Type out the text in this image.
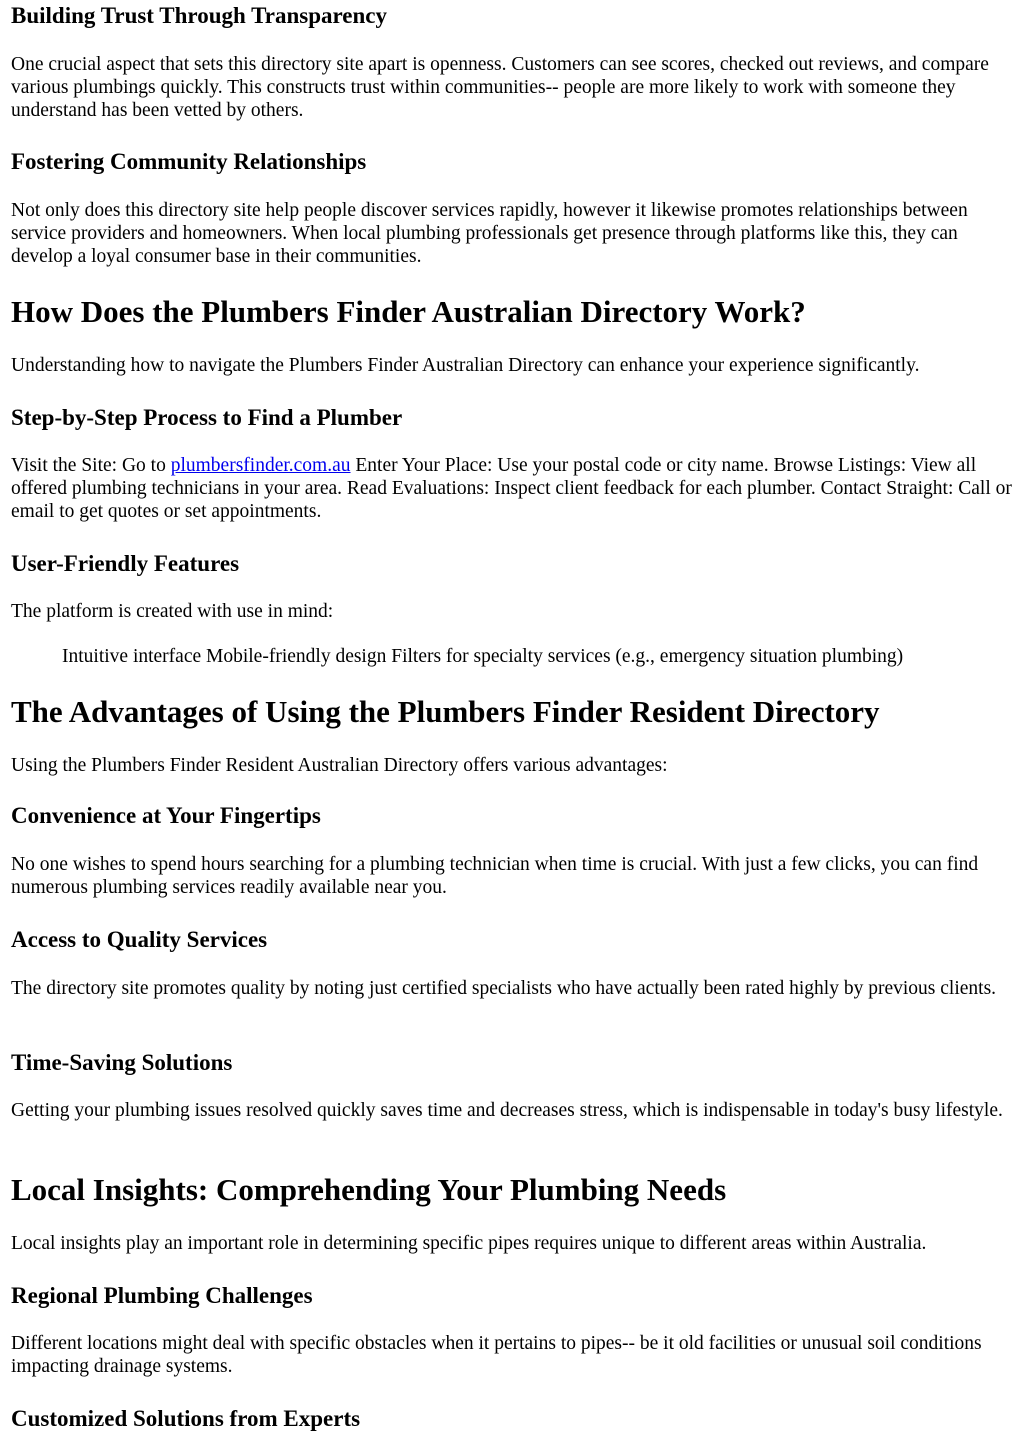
Building Trust Through Transparency

One crucial aspect that sets this directory site apart is openness. Customers can see scores, checked out reviews, and compare various plumbings quickly. This constructs trust within communities-- people are more likely to work with someone they understand has been vetted by others.

Fostering Community Relationships

Not only does this directory site help people discover services rapidly, however it likewise promotes relationships between service providers and homeowners. When local plumbing professionals get presence through platforms like this, they can develop a loyal consumer base in their communities.

How Does the Plumbers Finder Australian Directory Work?

Understanding how to navigate the Plumbers Finder Australian Directory can enhance your experience significantly.

Step-by-Step Process to Find a Plumber

Visit the Site: Go to plumbersfinder.com.au Enter Your Place: Use your postal code or city name. Browse Listings: View all offered plumbing technicians in your area. Read Evaluations: Inspect client feedback for each plumber. Contact Straight: Call or email to get quotes or set appointments.

User-Friendly Features

The platform is created with use in mind:

Intuitive interface Mobile-friendly design Filters for specialty services (e.g., emergency situation plumbing)

The Advantages of Using the Plumbers Finder Resident Directory

Using the Plumbers Finder Resident Australian Directory offers various advantages:

Convenience at Your Fingertips

No one wishes to spend hours searching for a plumbing technician when time is crucial. With just a few clicks, you can find numerous plumbing services readily available near you.

Access to Quality Services

The directory site promotes quality by noting just certified specialists who have actually been rated highly by previous clients.

Time-Saving Solutions

Getting your plumbing issues resolved quickly saves time and decreases stress, which is indispensable in today's busy lifestyle.

Local Insights: Comprehending Your Plumbing Needs

Local insights play an important role in determining specific pipes requires unique to different areas within Australia.

Regional Plumbing Challenges

Different locations might deal with specific obstacles when it pertains to pipes-- be it old facilities or unusual soil conditions impacting drainage systems.

Customized Solutions from Experts
